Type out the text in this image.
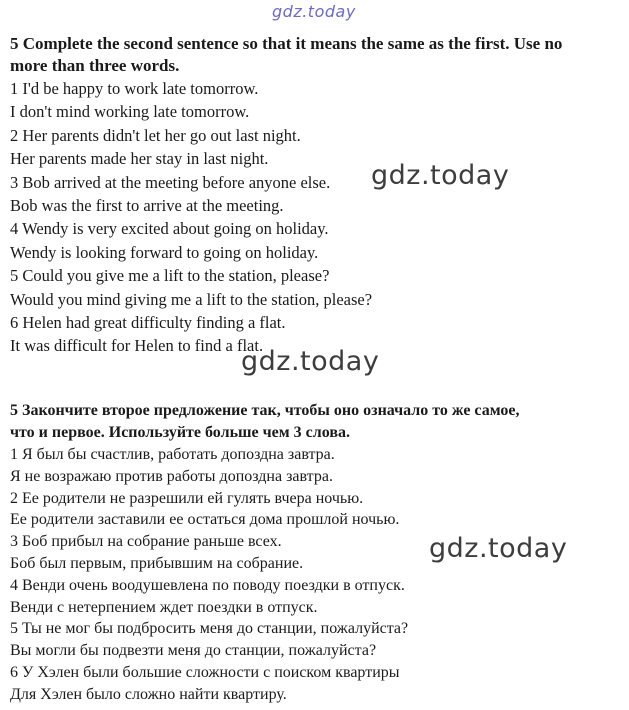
gdz.today

5 Complete the second sentence so that it means the same as the first. Use no

more than three words.

1 I'd be happy to work late tomorrow.

I don't mind working late tomorrow.

2 Her parents didn't let her go out last night.

Her parents made her stay in last night.

3 Bob arrived at the meeting before anyone else.

Bob was the first to arrive at the meeting.

4 Wendy is very excited about going on holiday.

Wendy is looking forward to going on holiday.

5 Could you give me a lift to the station, please?

Would you mind giving me a lift to the station, please?

6 Helen had great difficulty finding a flat.

It was difficult for Helen to find a flat.

gdz.today
gdz.today

5 Закончите второе предложение так, чтобы оно означало то же самое,

что и первое. Используйте больше чем 3 слова.

1 Я был бы счастлив, работать допоздна завтра.

Я не возражаю против работы допоздна завтра.

2 Ее родители не разрешили ей гулять вчера ночью.

Ее родители заставили ее остаться дома прошлой ночью.

3 Боб прибыл на собрание раньше всех.

Боб был первым, прибывшим на собрание.

4 Венди очень воодушевлена по поводу поездки в отпуск.

Венди с нетерпением ждет поездки в отпуск.

5 Ты не мог бы подбросить меня до станции, пожалуйста?

Вы могли бы подвезти меня до станции, пожалуйста?

6 У Хэлен были большие сложности с поиском квартиры

Для Хэлен было сложно найти квартиру.

gdz.today
